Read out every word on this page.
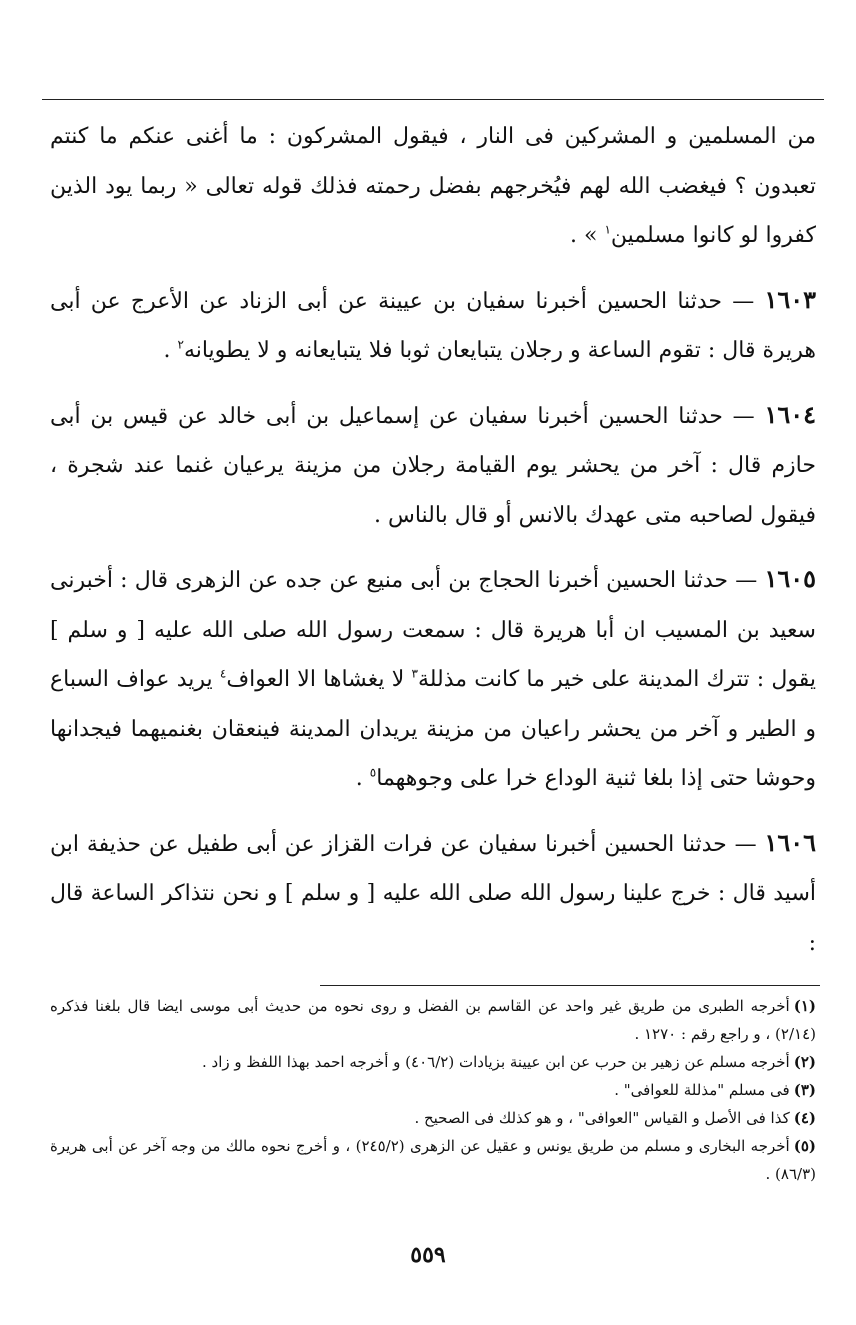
من المسلمين و المشركين فى النار ، فيقول المشركون : ما أغنى عنكم ما كنتم تعبدون ؟ فيغضب الله لهم فيُخرجهم بفضل رحمته فذلك قوله تعالى « ربما يود الذين كفروا لو كانوا مسلمين$^١$ » .

١٦٠٣ — حدثنا الحسين أخبرنا سفيان بن عيينة عن أبى الزناد عن الأعرج عن أبى هريرة قال : تقوم الساعة و رجلان يتبايعان ثوبا فلا يتبايعانه و لا يطويانه$^٢$ .

١٦٠٤ — حدثنا الحسين أخبرنا سفيان عن إسماعيل بن أبى خالد عن قيس بن أبى حازم قال : آخر من يحشر يوم القيامة رجلان من مزينة يرعيان غنما عند شجرة ، فيقول لصاحبه متى عهدك بالانس أو قال بالناس .

١٦٠٥ — حدثنا الحسين أخبرنا الحجاج بن أبى منيع عن جده عن الزهرى قال : أخبرنى سعيد بن المسيب ان أبا هريرة قال : سمعت رسول الله صلى الله عليه [ و سلم ] يقول : تترك المدينة على خير ما كانت مذللة$^٣$ لا يغشاها الا العواف$^٤$ يريد عواف السباع و الطير و آخر من يحشر راعيان من مزينة يريدان المدينة فينعقان بغنميهما فيجدانها وحوشا حتى إذا بلغا ثنية الوداع خرا على وجوههما$^٥$ .

١٦٠٦ — حدثنا الحسين أخبرنا سفيان عن فرات القزاز عن أبى طفيل عن حذيفة ابن أسيد قال : خرج علينا رسول الله صلى الله عليه [ و سلم ] و نحن نتذاكر الساعة قال :

(١)أخرجه الطبرى من طريق غير واحد عن القاسم بن الفضل و روى نحوه من حديث أبى موسى ايضا قال بلغنا فذكره (٢/١٤) ، و راجع رقم : ١٢٧٠ .

(٢)أخرجه مسلم عن زهير بن حرب عن ابن عيينة بزيادات (٤٠٦/٢) و أخرجه احمد بهذا اللفظ و زاد .

(٣)فى مسلم "مذللة للعوافى" .

(٤)كذا فى الأصل و القياس "العوافى" ، و هو كذلك فى الصحيح .

(٥)أخرجه البخارى و مسلم من طريق يونس و عقيل عن الزهرى (٢٤٥/٢) ، و أخرج نحوه مالك من وجه آخر عن أبى هريرة (٨٦/٣) .

٥٥٩
